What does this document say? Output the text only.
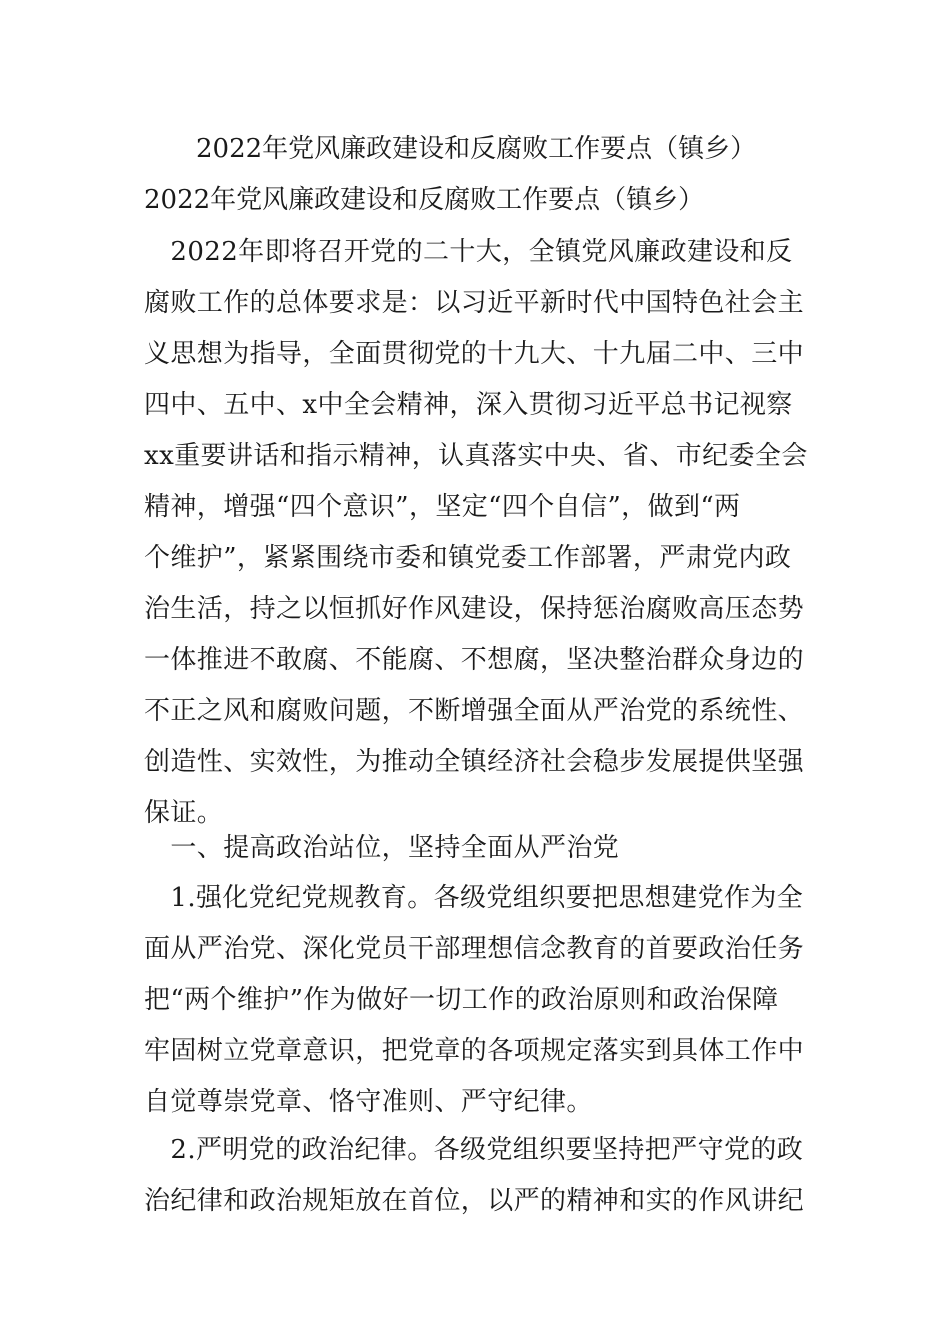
2022年党风廉政建设和反腐败工作要点（镇乡）
2022年党风廉政建设和反腐败工作要点（镇乡）
　2022年即将召开党的二十大，全镇党风廉政建设和反
腐败工作的总体要求是：以习近平新时代中国特色社会主
义思想为指导，全面贯彻党的十九大、十九届二中、三中
四中、五中、x中全会精神，深入贯彻习近平总书记视察
xx重要讲话和指示精神，认真落实中央、省、市纪委全会
精神，增强“四个意识”，坚定“四个自信”，做到“两
个维护”，紧紧围绕市委和镇党委工作部署，严肃党内政
治生活，持之以恒抓好作风建设，保持惩治腐败高压态势
一体推进不敢腐、不能腐、不想腐，坚决整治群众身边的
不正之风和腐败问题，不断增强全面从严治党的系统性、
创造性、实效性，为推动全镇经济社会稳步发展提供坚强
保证。
　一、提高政治站位，坚持全面从严治党
　1.强化党纪党规教育。各级党组织要把思想建党作为全
面从严治党、深化党员干部理想信念教育的首要政治任务
把“两个维护”作为做好一切工作的政治原则和政治保障
牢固树立党章意识，把党章的各项规定落实到具体工作中
自觉尊崇党章、恪守准则、严守纪律。
　2.严明党的政治纪律。各级党组织要坚持把严守党的政
治纪律和政治规矩放在首位，以严的精神和实的作风讲纪
